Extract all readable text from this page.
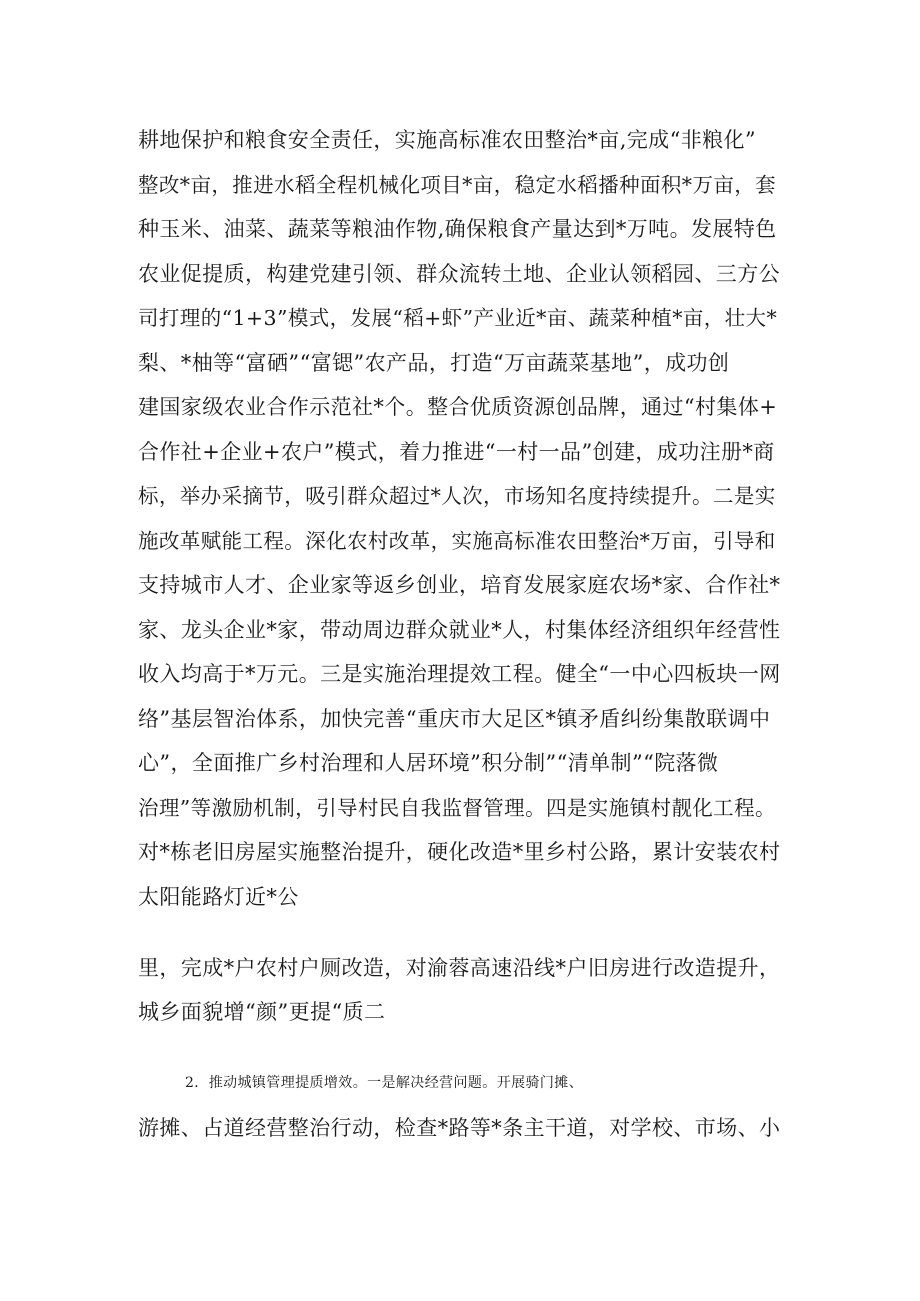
耕地保护和粮食安全责任，实施高标准农田整治*亩,完成“非粮化”
整改*亩，推进水稻全程机械化项目*亩，稳定水稻播种面积*万亩，套
种玉米、油菜、蔬菜等粮油作物,确保粮食产量达到*万吨。发展特色
农业促提质，构建党建引领、群众流转土地、企业认领稻园、三方公
司打理的“1+3”模式，发展“稻+虾”产业近*亩、蔬菜种植*亩，壮大*
梨、*柚等“富硒”“富锶”农产品，打造“万亩蔬菜基地”，成功创
建国家级农业合作示范社*个。整合优质资源创品牌，通过“村集体+
合作社+企业+农户”模式，着力推进“一村一品”创建，成功注册*商
标，举办采摘节，吸引群众超过*人次，市场知名度持续提升。二是实
施改革赋能工程。深化农村改革，实施高标准农田整治*万亩，引导和
支持城市人才、企业家等返乡创业，培育发展家庭农场*家、合作社*
家、龙头企业*家，带动周边群众就业*人，村集体经济组织年经营性
收入均高于*万元。三是实施治理提效工程。健全“一中心四板块一网
络”基层智治体系，加快完善“重庆市大足区*镇矛盾纠纷集散联调中
心”，全面推广乡村治理和人居环境”积分制”“清单制”“院落微
治理”等激励机制，引导村民自我监督管理。四是实施镇村靓化工程。
对*栋老旧房屋实施整治提升，硬化改造*里乡村公路，累计安装农村
太阳能路灯近*公
里，完成*户农村户厕改造，对渝蓉高速沿线*户旧房进行改造提升，
城乡面貌增“颜”更提“质二
2．推动城镇管理提质增效。一是解决经营问题。开展骑门摊、
游摊、占道经营整治行动，检查*路等*条主干道，对学校、市场、小
